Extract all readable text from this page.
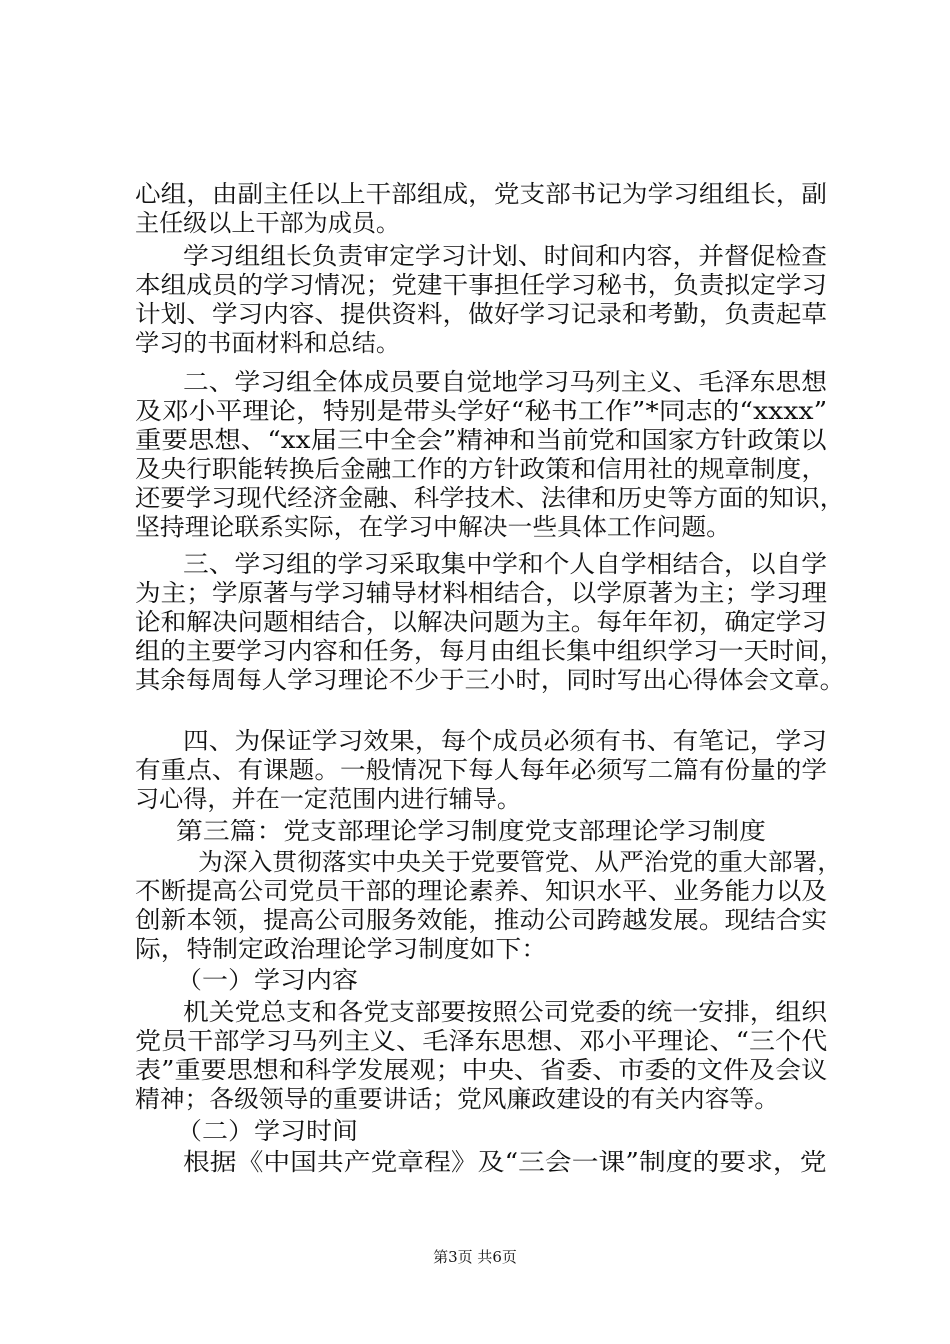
心组，由副主任以上干部组成，党支部书记为学习组组长，副
主任级以上干部为成员。
学习组组长负责审定学习计划、时间和内容，并督促检查
本组成员的学习情况；党建干事担任学习秘书，负责拟定学习
计划、学习内容、提供资料，做好学习记录和考勤，负责起草
学习的书面材料和总结。
二、学习组全体成员要自觉地学习马列主义、毛泽东思想
及邓小平理论，特别是带头学好“秘书工作”*同志的“xxxx”
重要思想、“xx届三中全会”精神和当前党和国家方针政策以
及央行职能转换后金融工作的方针政策和信用社的规章制度，
还要学习现代经济金融、科学技术、法律和历史等方面的知识，
坚持理论联系实际，在学习中解决一些具体工作问题。
三、学习组的学习采取集中学和个人自学相结合，以自学
为主；学原著与学习辅导材料相结合，以学原著为主；学习理
论和解决问题相结合，以解决问题为主。每年年初，确定学习
组的主要学习内容和任务，每月由组长集中组织学习一天时间，
其余每周每人学习理论不少于三小时，同时写出心得体会文章。
四、为保证学习效果，每个成员必须有书、有笔记，学习
有重点、有课题。一般情况下每人每年必须写二篇有份量的学
习心得，并在一定范围内进行辅导。
第三篇：党支部理论学习制度党支部理论学习制度
为深入贯彻落实中央关于党要管党、从严治党的重大部署，
不断提高公司党员干部的理论素养、知识水平、业务能力以及
创新本领，提高公司服务效能，推动公司跨越发展。现结合实
际，特制定政治理论学习制度如下：
（一）学习内容
机关党总支和各党支部要按照公司党委的统一安排，组织
党员干部学习马列主义、毛泽东思想、邓小平理论、“三个代
表”重要思想和科学发展观；中央、省委、市委的文件及会议
精神；各级领导的重要讲话；党风廉政建设的有关内容等。
（二）学习时间
根据《中国共产党章程》及“三会一课”制度的要求，党
第3页 共6页
